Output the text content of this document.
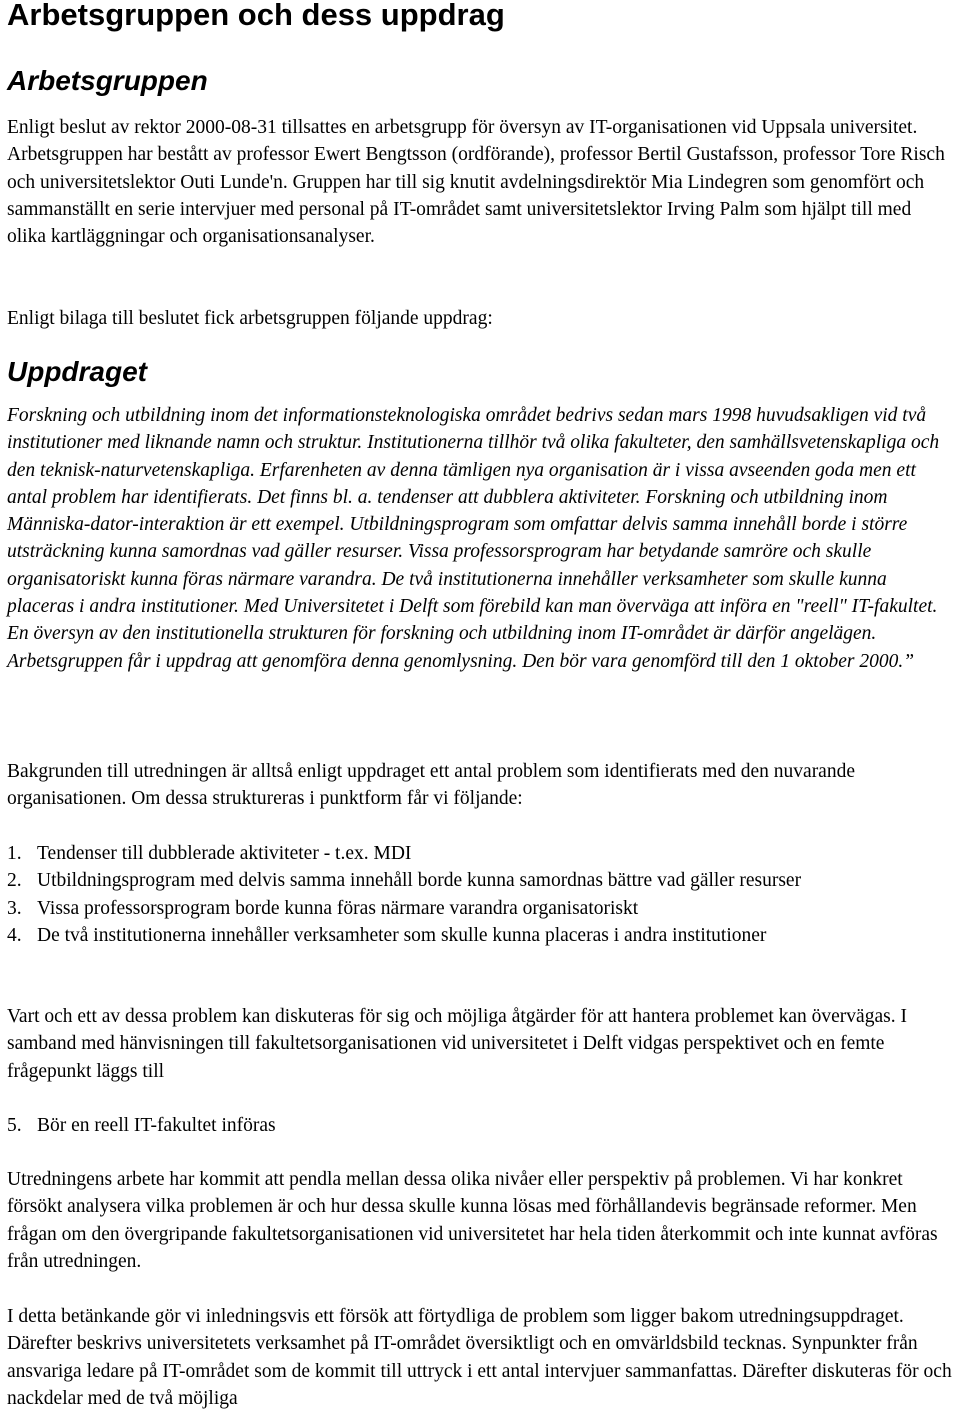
Arbetsgruppen och dess uppdrag
Arbetsgruppen

Enligt beslut av rektor 2000-08-31 tillsattes en arbetsgrupp för översyn av IT-organisationen vid Uppsala universitet. Arbetsgruppen har bestått av professor Ewert Bengtsson (ordförande), professor Bertil Gustafsson, professor Tore Risch och universitetslektor Outi Lunde'n. Gruppen har till sig knutit avdelningsdirektör Mia Lindegren som genomfört och sammanställt en serie intervjuer med personal på IT-området samt universitetslektor Irving Palm som hjälpt till med olika kartläggningar och organisationsanalyser.

Enligt bilaga till beslutet fick arbetsgruppen följande uppdrag:

Uppdraget

Forskning och utbildning inom det informationsteknologiska området bedrivs sedan mars 1998 huvudsakligen vid två institutioner med liknande namn och struktur. Institutionerna tillhör två olika fakulteter, den samhällsvetenskapliga och den teknisk-naturvetenskapliga. Erfarenheten av denna tämligen nya organisation är i vissa avseenden goda men ett antal problem har identifierats. Det finns bl. a. tendenser att dubblera aktiviteter. Forskning och utbildning inom Människa-dator-interaktion är ett exempel. Utbildningsprogram som omfattar delvis samma innehåll borde i större utsträckning kunna samordnas vad gäller resurser. Vissa professorsprogram har betydande samröre och skulle organisatoriskt kunna föras närmare varandra. De två institutionerna innehåller verksamheter som skulle kunna placeras i andra institutioner. Med Universitetet i Delft som förebild kan man överväga att införa en "reell" IT-fakultet. En översyn av den institutionella strukturen för forskning och utbildning inom IT-området är därför angelägen. Arbetsgruppen får i uppdrag att genomföra denna genomlysning. Den bör vara genomförd till den 1 oktober 2000.”

Bakgrunden till utredningen är alltså enligt uppdraget ett antal problem som identifierats med den nuvarande organisationen. Om dessa struktureras i punktform får vi följande:

1. Tendenser till dubblerade aktiviteter - t.ex. MDI
2. Utbildningsprogram med delvis samma innehåll borde kunna samordnas bättre vad gäller resurser
3. Vissa professorsprogram borde kunna föras närmare varandra organisatoriskt
4. De två institutionerna innehåller verksamheter som skulle kunna placeras i andra institutioner

Vart och ett av dessa problem kan diskuteras för sig och möjliga åtgärder för att hantera problemet kan övervägas. I samband med hänvisningen till fakultetsorganisationen vid universitetet i Delft vidgas perspektivet och en femte frågepunkt läggs till

5. Bör en reell IT-fakultet införas

Utredningens arbete har kommit att pendla mellan dessa olika nivåer eller perspektiv på problemen. Vi har konkret försökt analysera vilka problemen är och hur dessa skulle kunna lösas med förhållandevis begränsade reformer. Men frågan om den övergripande fakultetsorganisationen vid universitetet har hela tiden återkommit och inte kunnat avföras från utredningen.

I detta betänkande gör vi inledningsvis ett försök att förtydliga de problem som ligger bakom utredningsuppdraget. Därefter beskrivs universitetets verksamhet på IT-området översiktligt och en omvärldsbild tecknas. Synpunkter från ansvariga ledare på IT-området som de kommit till uttryck i ett antal intervjuer sammanfattas. Därefter diskuteras för och nackdelar med de två möjliga
